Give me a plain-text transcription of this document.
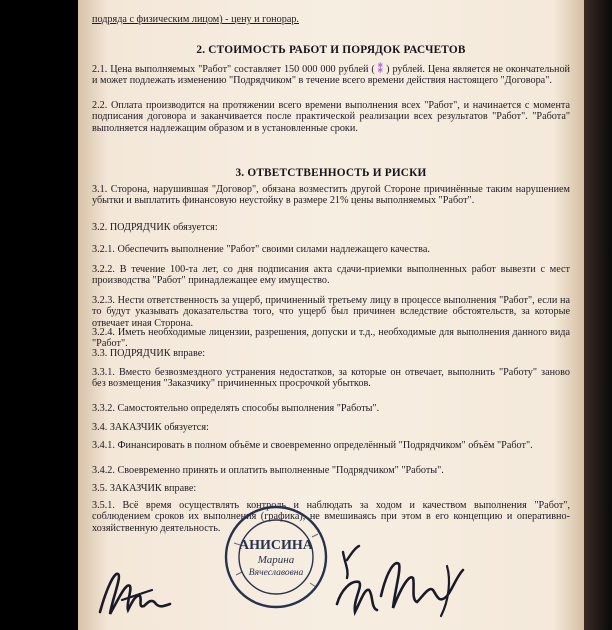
подряда с физическим лицом) - цену и гонорар.

2. СТОИМОСТЬ РАБОТ И ПОРЯДОК РАСЧЕТОВ

2.1. Цена выполняемых "Работ" составляет 150 000 000 рублей ( ⁑ ) рублей. Цена является не окончательной и может подлежать изменению "Подрядчиком" в течение всего времени действия настоящего "Договора".

2.2. Оплата производится на протяжении всего времени выполнения всех "Работ", и начинается с момента подписания договора и заканчивается после практической реализации всех результатов "Работ". "Работа" выполняется надлежащим образом и в установленные сроки.

3. ОТВЕТСТВЕННОСТЬ И РИСКИ

3.1. Сторона, нарушившая "Договор", обязана возместить другой Стороне причинённые таким нарушением убытки и выплатить финансовую неустойку в размере 21% цены выполняемых "Работ".

3.2. ПОДРЯДЧИК обязуется:

3.2.1. Обеспечить выполнение "Работ" своими силами надлежащего качества.

3.2.2. В течение 100-та лет, со дня подписания акта сдачи-приемки выполненных работ вывезти с мест производства "Работ" принадлежащее ему имущество.

3.2.3. Нести ответственность за ущерб, причиненный третьему лицу в процессе выполнения "Работ", если на то будут указывать доказательства того, что ущерб был причинен вследствие обстоятельств, за которые отвечает иная Сторона.

3.2.4. Иметь необходимые лицензии, разрешения, допуски и т.д., необходимые для выполнения данного вида "Работ".

3.3. ПОДРЯДЧИК вправе:

3.3.1. Вместо безвозмездного устранения недостатков, за которые он отвечает, выполнить "Работу" заново без возмещения "Заказчику" причиненных просрочкой убытков.

3.3.2. Самостоятельно определять способы выполнения "Работы".

3.4. ЗАКАЗЧИК обязуется:

3.4.1. Финансировать в полном объёме и своевременно определённый "Подрядчиком" объём "Работ".

3.4.2. Своевременно принять и оплатить выполненные "Подрядчиком" "Работы".

3.5. ЗАКАЗЧИК вправе:

3.5.1. Всё время осуществлять контроль и наблюдать за ходом и качеством выполнения "Работ", соблюдением сроков их выполнения (графика), не вмешиваясь при этом в его концепцию и оперативно-хозяйственную деятельность.

АНИСИНА
Марина
Вячеславовна
